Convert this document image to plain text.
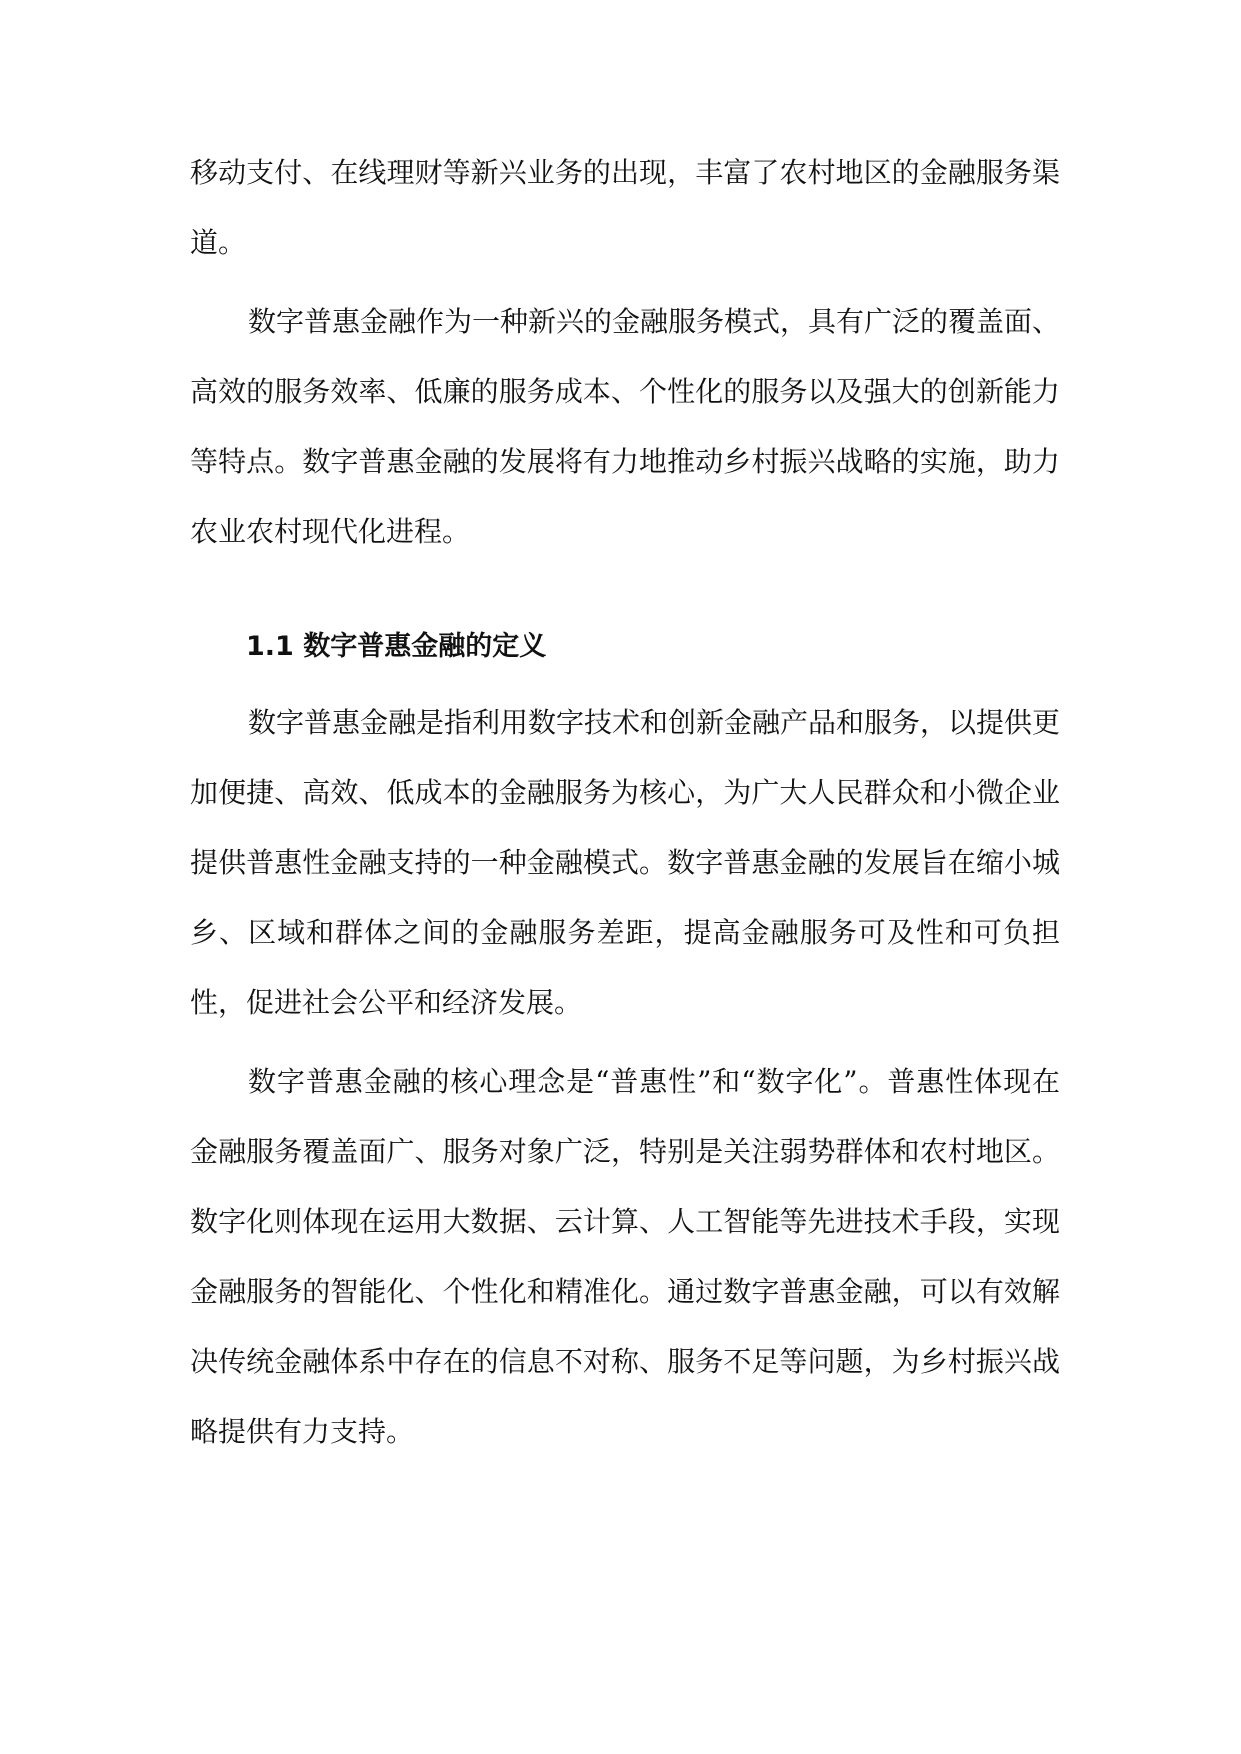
移动支付、在线理财等新兴业务的出现，丰富了农村地区的金融服务渠道。

数字普惠金融作为一种新兴的金融服务模式，具有广泛的覆盖面、高效的服务效率、低廉的服务成本、个性化的服务以及强大的创新能力等特点。数字普惠金融的发展将有力地推动乡村振兴战略的实施，助力农业农村现代化进程。

1.1 数字普惠金融的定义

数字普惠金融是指利用数字技术和创新金融产品和服务，以提供更加便捷、高效、低成本的金融服务为核心，为广大人民群众和小微企业提供普惠性金融支持的一种金融模式。数字普惠金融的发展旨在缩小城乡、区域和群体之间的金融服务差距，提高金融服务可及性和可负担性，促进社会公平和经济发展。

数字普惠金融的核心理念是“普惠性”和“数字化”。普惠性体现在金融服务覆盖面广、服务对象广泛，特别是关注弱势群体和农村地区。数字化则体现在运用大数据、云计算、人工智能等先进技术手段，实现金融服务的智能化、个性化和精准化。通过数字普惠金融，可以有效解决传统金融体系中存在的信息不对称、服务不足等问题，为乡村振兴战略提供有力支持。
